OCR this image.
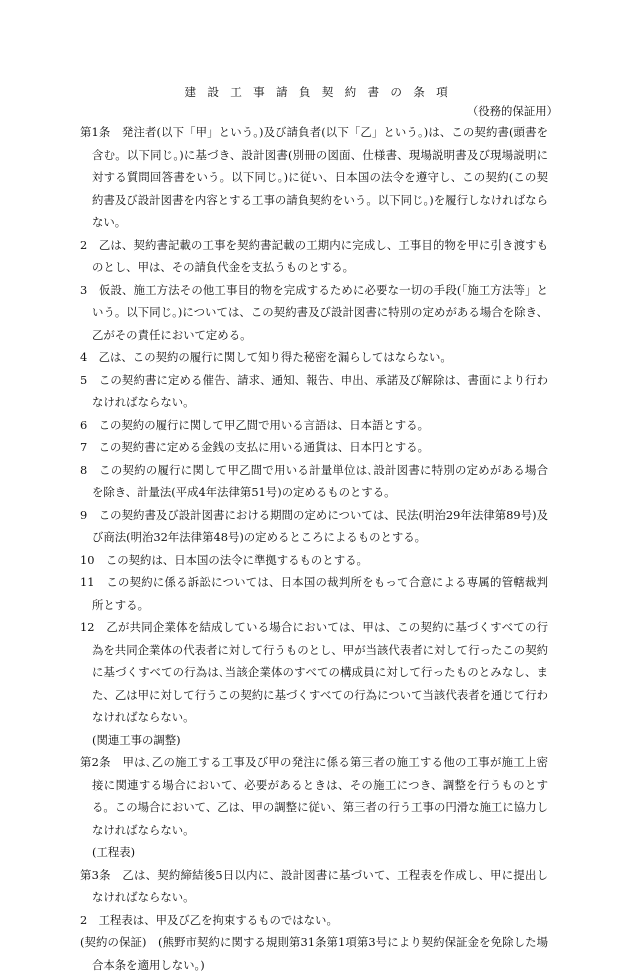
建 設 工 事 請 負 契 約 書 の 条 項
（役務的保証用）

第1条　発注者(以下「甲」という。)及び請負者(以下「乙」という。)は、この契約書(頭書を含む。以下同じ。)に基づき、設計図書(別冊の図面、仕様書、現場説明書及び現場説明に対する質問回答書をいう。以下同じ。)に従い、日本国の法令を遵守し、この契約(この契約書及び設計図書を内容とする工事の請負契約をいう。以下同じ。)を履行しなければならない。

2　乙は、契約書記載の工事を契約書記載の工期内に完成し、工事目的物を甲に引き渡すものとし、甲は、その請負代金を支払うものとする。

3　仮設、施工方法その他工事目的物を完成するために必要な一切の手段(「施工方法等」という。以下同じ。)については、この契約書及び設計図書に特別の定めがある場合を除き、乙がその責任において定める。

4　乙は、この契約の履行に関して知り得た秘密を漏らしてはならない。

5　この契約書に定める催告、請求、通知、報告、申出、承諾及び解除は、書面により行わなければならない。

6　この契約の履行に関して甲乙間で用いる言語は、日本語とする。

7　この契約書に定める金銭の支払に用いる通貨は、日本円とする。

8　この契約の履行に関して甲乙間で用いる計量単位は､設計図書に特別の定めがある場合を除き、計量法(平成4年法律第51号)の定めるものとする。

9　この契約書及び設計図書における期間の定めについては、民法(明治29年法律第89号)及び商法(明治32年法律第48号)の定めるところによるものとする。

10　この契約は、日本国の法令に準拠するものとする。

11　この契約に係る訴訟については、日本国の裁判所をもって合意による専属的管轄裁判所とする。

12　乙が共同企業体を結成している場合においては、甲は、この契約に基づくすべての行為を共同企業体の代表者に対して行うものとし、甲が当該代表者に対して行ったこの契約に基づくすべての行為は､当該企業体のすべての構成員に対して行ったものとみなし、また、乙は甲に対して行うこの契約に基づくすべての行為について当該代表者を通じて行わなければならない。

(関連工事の調整)

第2条　甲は､乙の施工する工事及び甲の発注に係る第三者の施工する他の工事が施工上密接に関連する場合において、必要があるときは、その施工につき、調整を行うものとする。この場合において、乙は、甲の調整に従い、第三者の行う工事の円滑な施工に協力しなければならない。

(工程表)

第3条　乙は、契約締結後5日以内に、設計図書に基づいて、工程表を作成し、甲に提出しなければならない。

2　工程表は、甲及び乙を拘束するものではない。

(契約の保証)　(熊野市契約に関する規則第31条第1項第3号により契約保証金を免除した場合本条を適用しない。)
